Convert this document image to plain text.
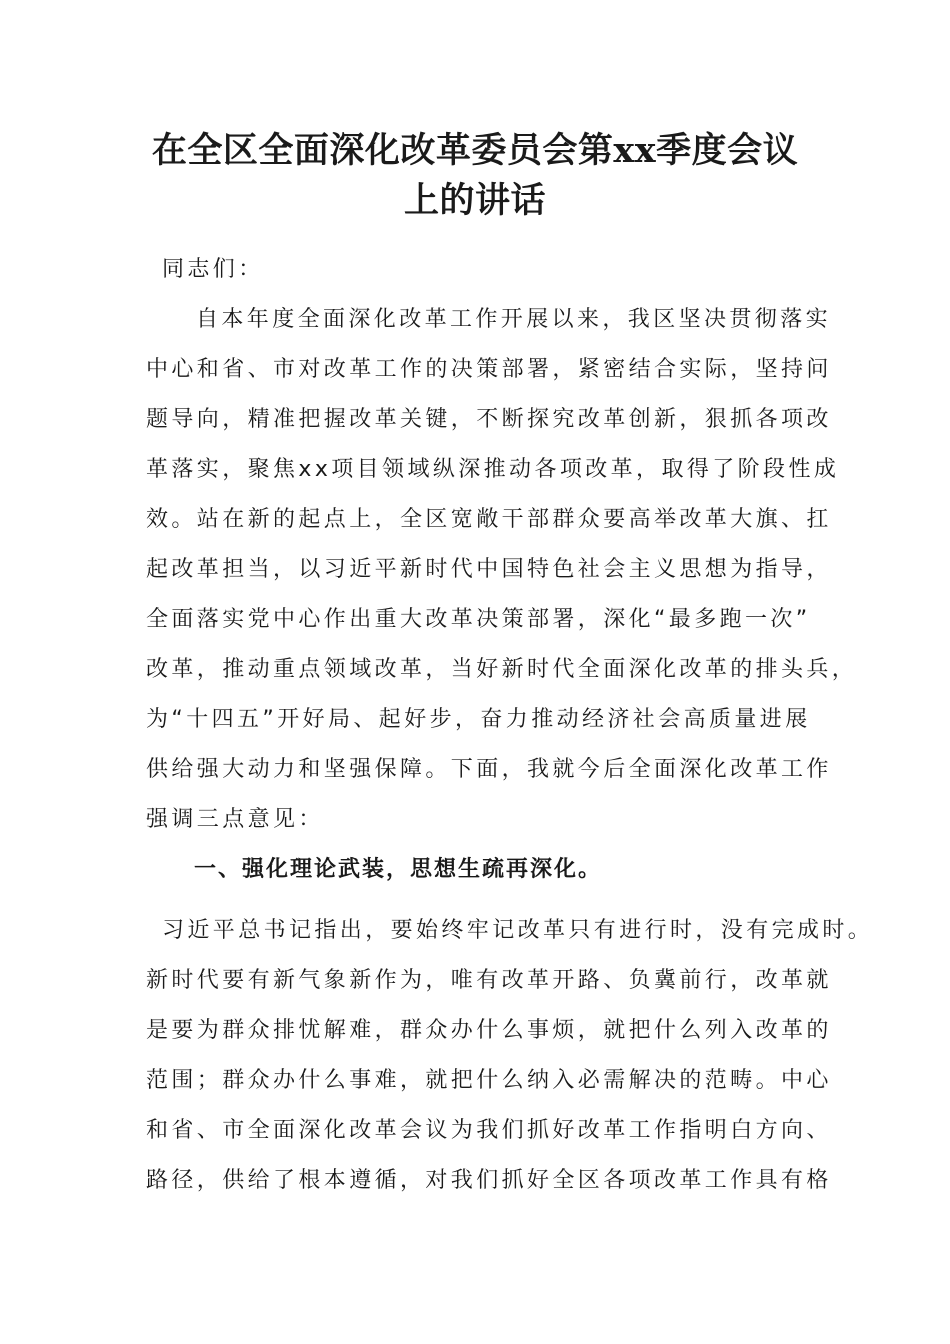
在全区全面深化改革委员会第xx季度会议
上的讲话
同志们：
自本年度全面深化改革工作开展以来，我区坚决贯彻落实
中心和省、市对改革工作的决策部署，紧密结合实际，坚持问
题导向，精准把握改革关键，不断探究改革创新，狠抓各项改
革落实，聚焦xx项目领域纵深推动各项改革，取得了阶段性成
效。站在新的起点上，全区宽敞干部群众要高举改革大旗、扛
起改革担当，以习近平新时代中国特色社会主义思想为指导，
全面落实党中心作出重大改革决策部署，深化“最多跑一次”
改革，推动重点领域改革，当好新时代全面深化改革的排头兵，
为“十四五”开好局、起好步，奋力推动经济社会高质量进展
供给强大动力和坚强保障。下面，我就今后全面深化改革工作
强调三点意见：
一、强化理论武装，思想生疏再深化。
习近平总书记指出，要始终牢记改革只有进行时，没有完成时。
新时代要有新气象新作为，唯有改革开路、负冀前行，改革就
是要为群众排忧解难，群众办什么事烦，就把什么列入改革的
范围；群众办什么事难，就把什么纳入必需解决的范畴。中心
和省、市全面深化改革会议为我们抓好改革工作指明白方向、
路径，供给了根本遵循，对我们抓好全区各项改革工作具有格
